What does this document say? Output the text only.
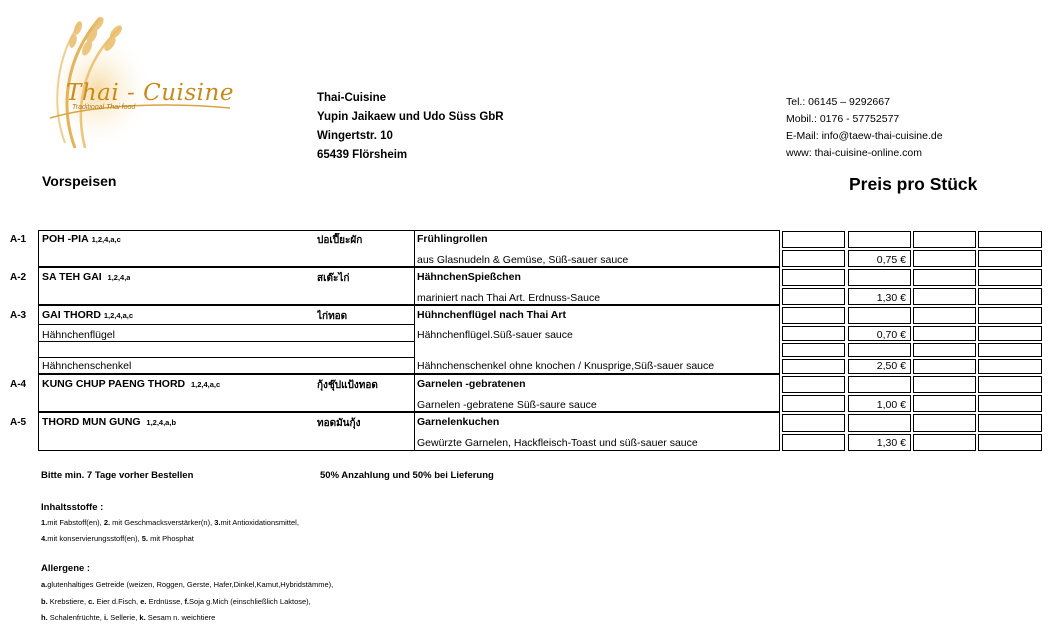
Thai - Cuisine
Traditional Thai food
Thai-Cuisine
Yupin Jaikaew und Udo Süss GbR
Wingertstr. 10
65439 Flörsheim
Tel.: 06145 – 9292667
Mobil.: 0176 - 57752577
E-Mail: info@taew-thai-cuisine.de
www: thai-cuisine-online.com
Vorspeisen	Preis pro Stück
A-1 POH -PIA 1,2,4,a,c	ปอเปี๊ยะผัก	Frühlingrollen
aus Glasnudeln & Gemüse, Süß-sauer sauce	0,75 €
A-2 SA TEH GAI 1,2,4,a	สเต๊ะไก่	HähnchenSpießchen
mariniert nach Thai Art. Erdnuss-Sauce	1,30 €
A-3 GAI THORD 1,2,4,a,c	ไก่ทอด	Hühnchenflügel nach Thai Art
Hähnchenflügel	Hähnchenflügel.Süß-sauer sauce	0,70 €
Hähnchenschenkel	Hähnchenschenkel ohne knochen / Knusprige,Süß-sauer sauce	2,50 €
A-4 KUNG CHUP PAENG THORD 1,2,4,a,c	กุ้งชุ๊ปแป้งทอด	Garnelen -gebratenen
Garnelen -gebratene Süß-saure sauce	1,00 €
A-5 THORD MUN GUNG 1,2,4,a,b	ทอดมันกุ้ง	Garnelenkuchen
Gewürzte Garnelen, Hackfleisch-Toast und süß-sauer sauce	1,30 €
Bitte min. 7 Tage vorher Bestellen	50% Anzahlung und 50% bei Lieferung
Inhaltsstoffe :
1.mit Fabstoff(en), 2. mit Geschmacksverstärker(n), 3.mit Antioxidationsmittel,
4.mit konservierungsstoff(en), 5. mit Phosphat
Allergene :
a.glutenhaltiges Getreide (weizen, Roggen, Gerste, Hafer,Dinkel,Kamut,Hybridstämme),
b. Krebstiere, c. Eier d.Fisch, e. Erdnüsse, f.Soja g.Mich (einschließlich Laktose),
h. Schalenfrüchte, i. Sellerie, k. Sesam n. weichtiere
